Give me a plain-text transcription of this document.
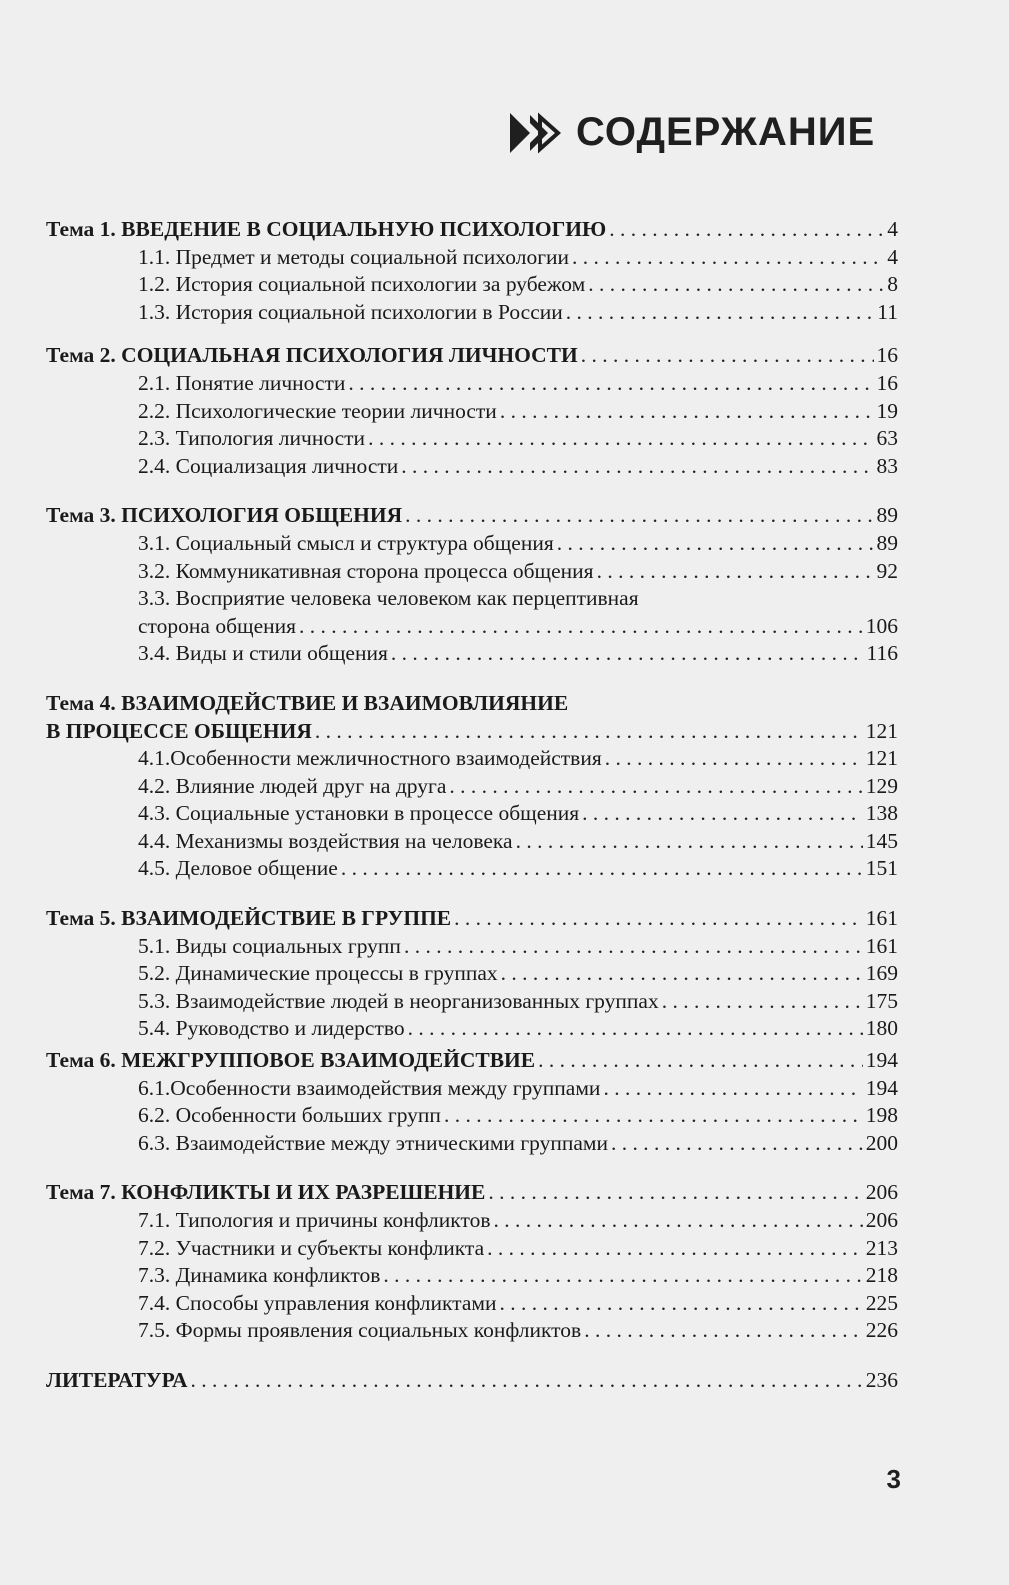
СОДЕРЖАНИЕ
Тема 1. ВВЕДЕНИЕ В СОЦИАЛЬНУЮ ПСИХОЛОГИЮ . . .	4
1.1. Предмет и методы социальной психологии . . .	4
1.2. История социальной психологии за рубежом . . .	8
1.3. История социальной психологии в России . . .	11
Тема 2. СОЦИАЛЬНАЯ ПСИХОЛОГИЯ ЛИЧНОСТИ . . .	16
2.1. Понятие личности . . .	16
2.2. Психологические теории личности . . .	19
2.3. Типология личности . . .	63
2.4. Социализация личности . . .	83
Тема 3. ПСИХОЛОГИЯ ОБЩЕНИЯ . . .	89
3.1. Социальный смысл и структура общения . . .	89
3.2. Коммуникативная сторона процесса общения . . .	92
3.3. Восприятие человека человеком как перцептивная
сторона общения . . .	106
3.4. Виды и стили общения . . .	116
Тема 4. ВЗАИМОДЕЙСТВИЕ И ВЗАИМОВЛИЯНИЕ
В ПРОЦЕССЕ ОБЩЕНИЯ . . .	121
4.1.Особенности межличностного взаимодействия . . .	121
4.2. Влияние людей друг на друга . . .	129
4.3. Социальные установки в процессе общения . . .	138
4.4. Механизмы воздействия на человека . . .	145
4.5. Деловое общение . . .	151
Тема 5. ВЗАИМОДЕЙСТВИЕ В ГРУППЕ . . .	161
5.1. Виды социальных групп . . .	161
5.2. Динамические процессы в группах . . .	169
5.3. Взаимодействие людей в неорганизованных группах . . .	175
5.4. Руководство и лидерство . . .	180
Тема 6. МЕЖГРУППОВОЕ ВЗАИМОДЕЙСТВИЕ . . .	194
6.1.Особенности взаимодействия между группами . . .	194
6.2. Особенности больших групп . . .	198
6.3. Взаимодействие между этническими группами . . .	200
Тема 7. КОНФЛИКТЫ И ИХ РАЗРЕШЕНИЕ . . .	206
7.1. Типология и причины конфликтов . . .	206
7.2. Участники и субъекты конфликта . . .	213
7.3. Динамика конфликтов . . .	218
7.4. Способы управления конфликтами . . .	225
7.5. Формы проявления социальных конфликтов . . .	226
ЛИТЕРАТУРА . . .	236
3
